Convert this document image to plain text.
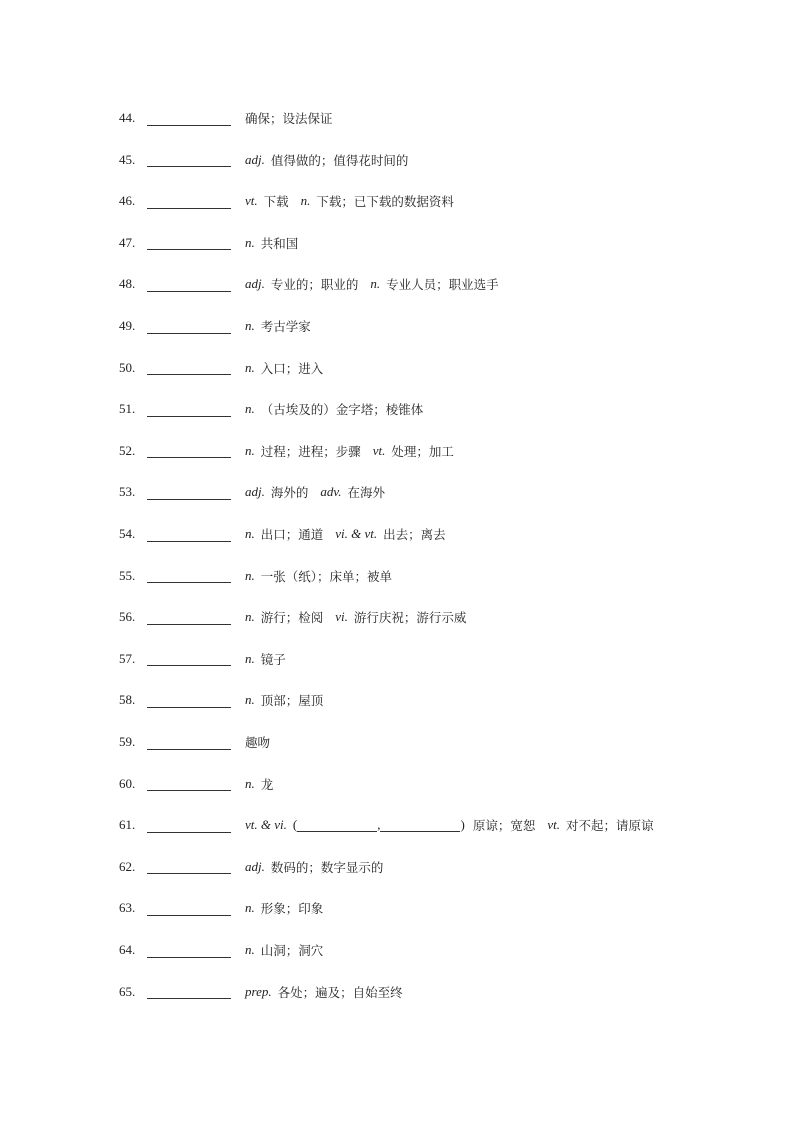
44.	确保；设法保证
45.	adj. 值得做的；值得花时间的
46.	vt. 下载 n. 下载；已下载的数据资料
47.	n. 共和国
48.	adj. 专业的；职业的 n. 专业人员；职业选手
49.	n. 考古学家
50.	n. 入口；进入
51.	n. （古埃及的）金字塔；棱锥体
52.	n. 过程；进程；步骤 vt. 处理；加工
53.	adj. 海外的 adv. 在海外
54.	n. 出口；通道 vi. & vt. 出去；离去
55.	n. 一张（纸）；床单；被单
56.	n. 游行；检阅 vi. 游行庆祝；游行示威
57.	n. 镜子
58.	n. 顶部；屋顶
59.	趣吻
60.	n. 龙
61.	vt. & vi. (	,	) 原谅；宽恕 vt. 对不起；请原谅
62.	adj. 数码的；数字显示的
63.	n. 形象；印象
64.	n. 山洞；洞穴
65.	prep. 各处；遍及；自始至终
